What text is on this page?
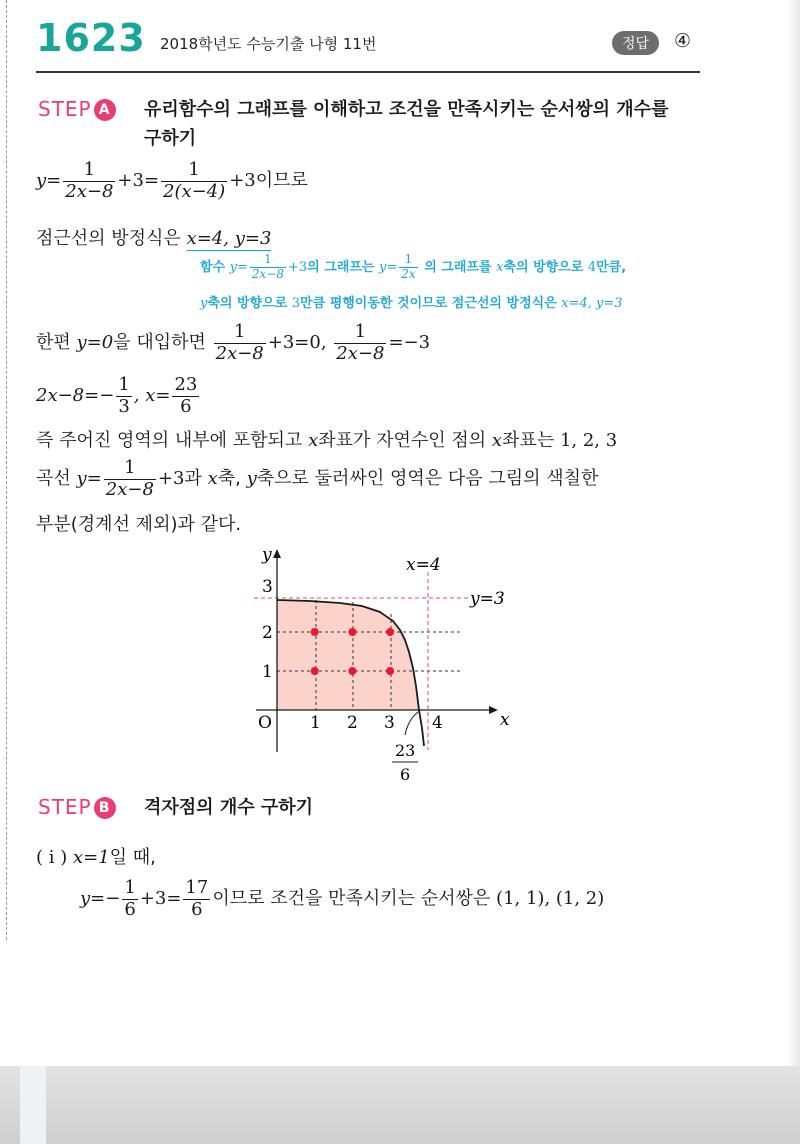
1623 2018학년도 수능기출 나형 11번	정답	④
STEP A 유리함수의 그래프를 이해하고 조건을 만족시키는 순서쌍의 개수를
구하기
$y= \frac{1}{2x-8} +3= \frac{1}{2(x-4)} +3$이므로
점근선의 방정식은 x=4, y=3
함수 $y= \frac{1}{2x-8} +3$의 그래프는 $y= \frac{1}{2x}$ 의 그래프를 x축의 방향으로 4만큼,
y축의 방향으로 3만큼 평행이동한 것이므로 점근선의 방정식은 x=4, y=3
한편 y=0을 대입하면 $\frac{1}{2x-8} +3=0$, $\frac{1}{2x-8} =-3$
$2x-8=- \frac{1}{3}$ , $x= \frac{23}{6}$
즉 주어진 영역의 내부에 포함되고 x좌표가 자연수인 점의 x좌표는 1, 2, 3
곡선 $y= \frac{1}{2x-8} +3$과 x축, y축으로 둘러싸인 영역은 다음 그림의 색칠한
부분(경계선 제외)과 같다.
y
x
O 1 2 3 4
3
2
1
x=4
y=3
23
6
STEP B 격자점의 개수 구하기
( i ) x=1일 때,
$y=- \frac{1}{6} +3= \frac{17}{6}$ 이므로 조건을 만족시키는 순서쌍은 (1, 1), (1, 2)
